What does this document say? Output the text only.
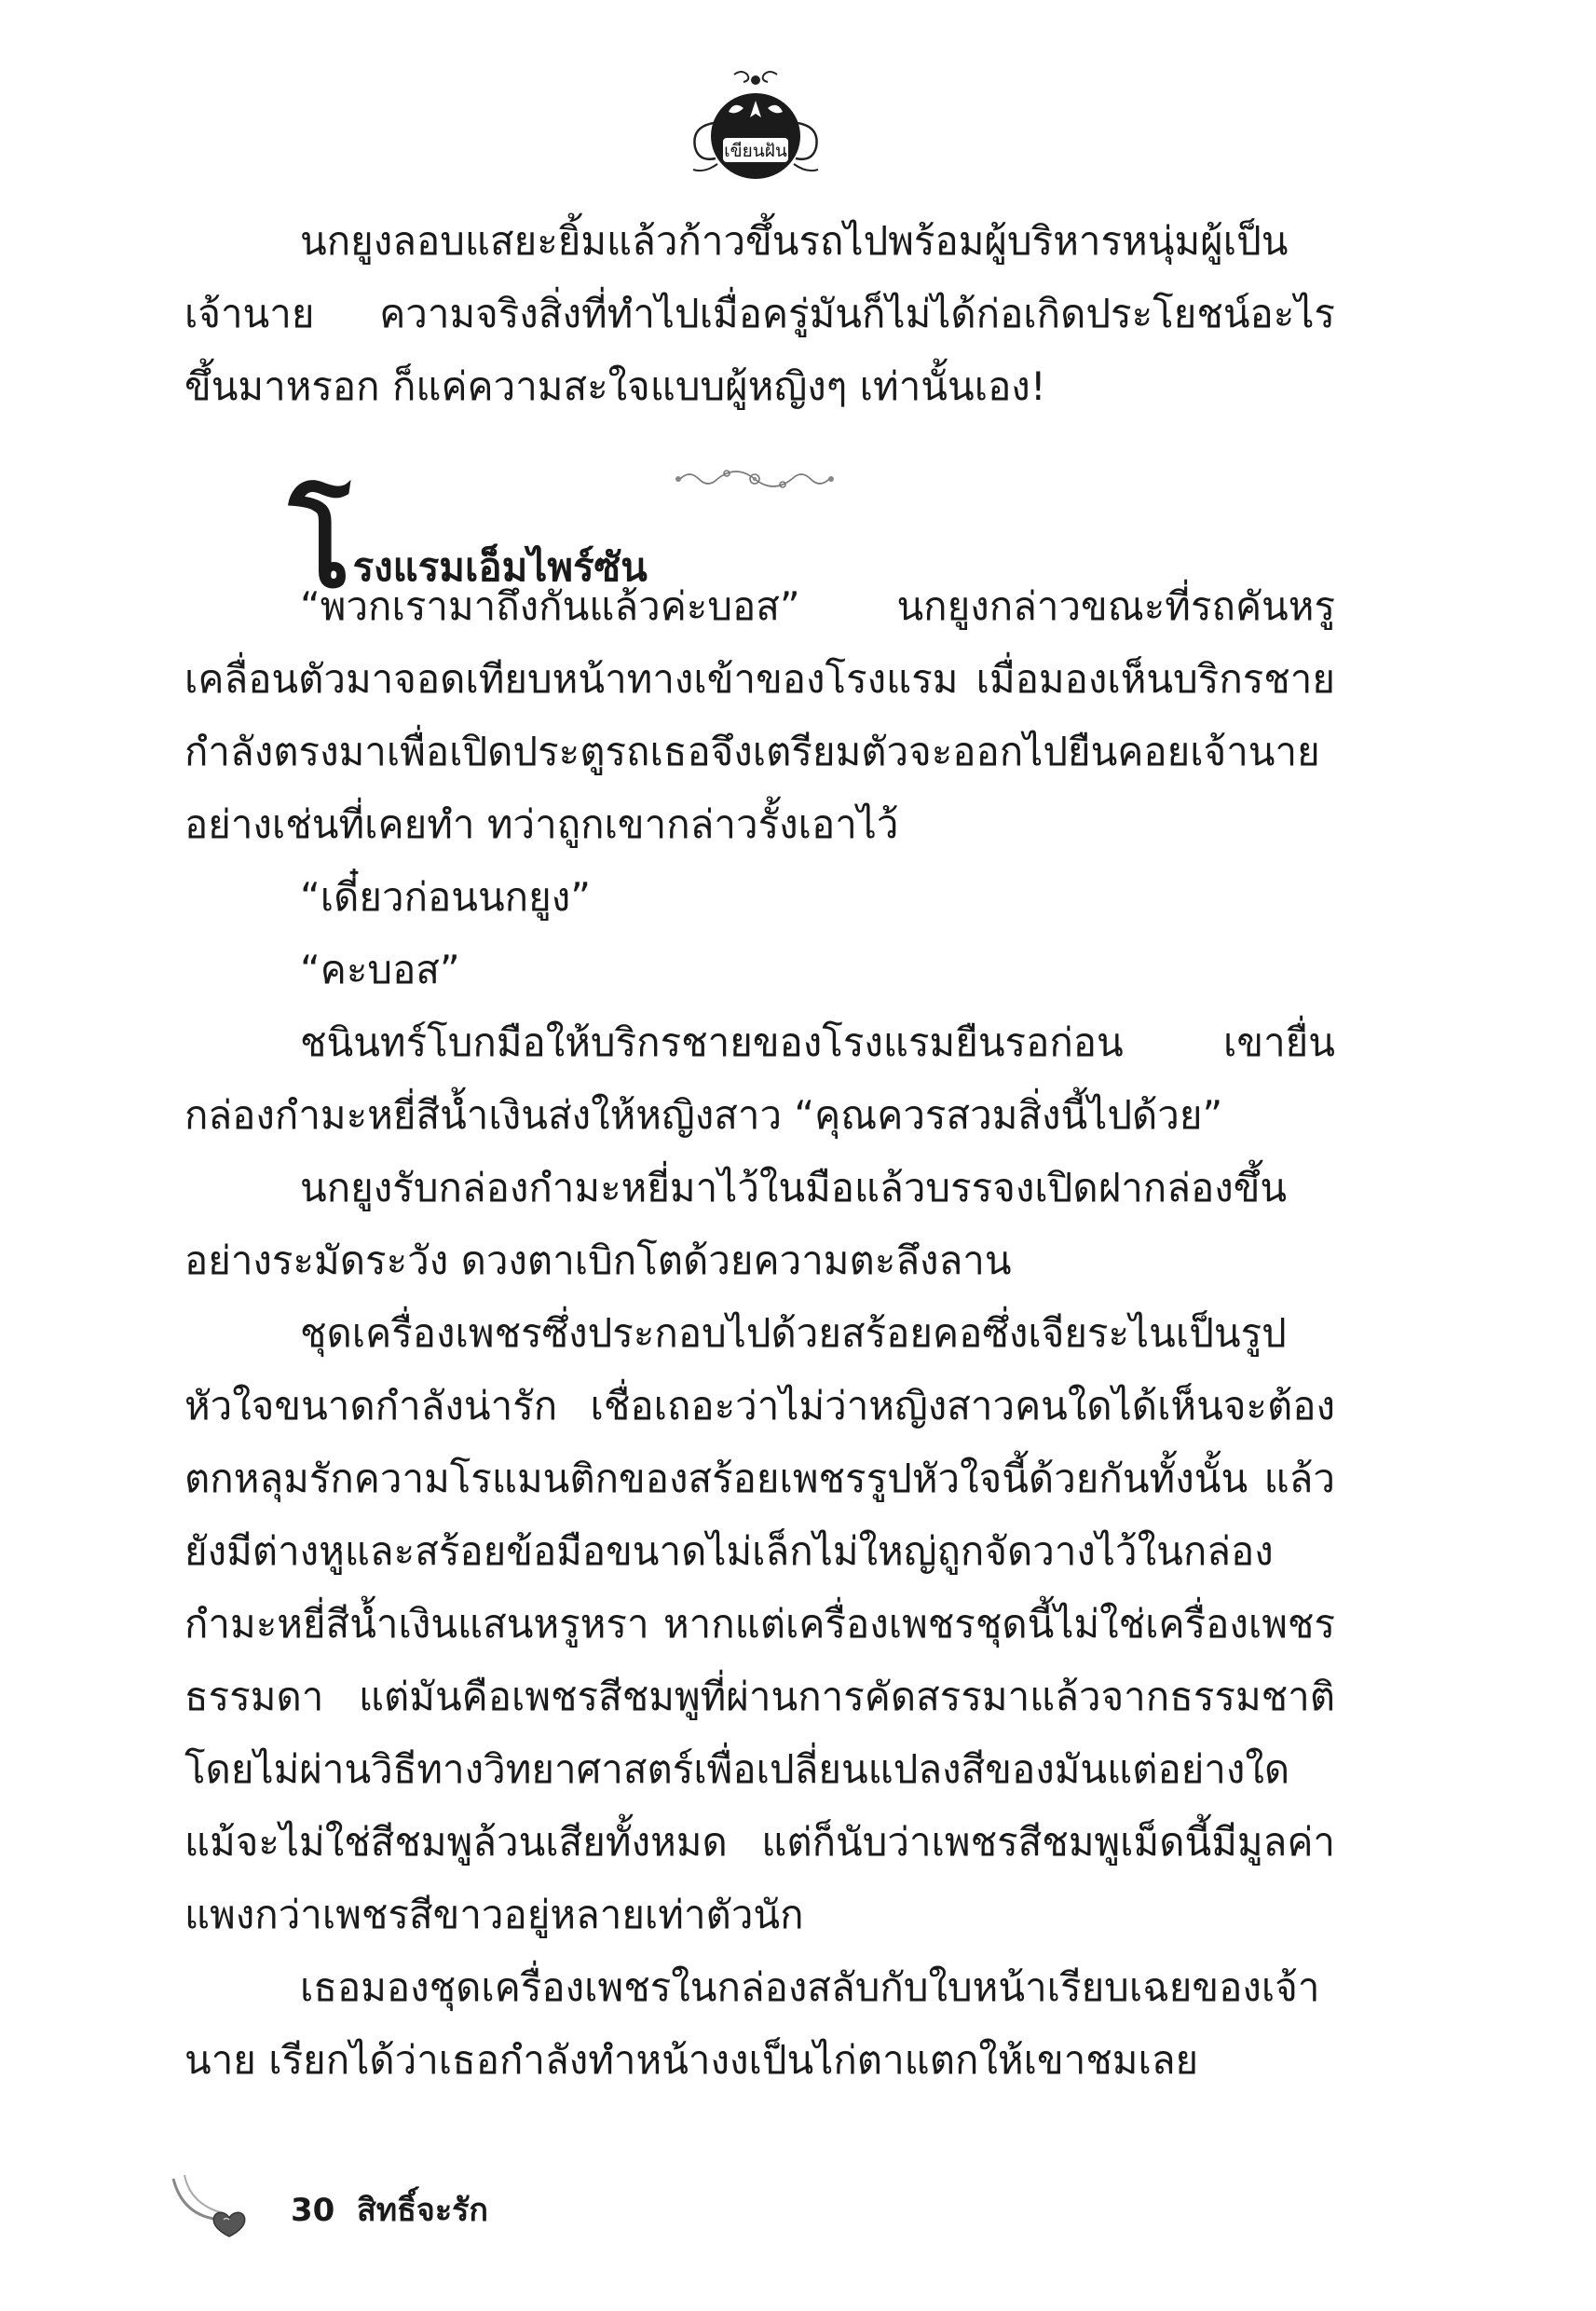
เขียนฝัน

นกยูงลอบแสยะยิ้มแล้วก้าวขึ้นรถไปพร้อมผู้บริหารหนุ่มผู้เป็นเจ้านาย ความจริงสิ่งที่ทำไปเมื่อครู่มันก็ไม่ได้ก่อเกิดประโยชน์อะไรขึ้นมาหรอก ก็แค่ความสะใจแบบผู้หญิงๆ เท่านั้นเอง!

โรงแรมเอ็มไพร์ซัน

“พวกเรามาถึงกันแล้วค่ะบอส” นกยูงกล่าวขณะที่รถคันหรูเคลื่อนตัวมาจอดเทียบหน้าทางเข้าของโรงแรม เมื่อมองเห็นบริกรชายกำลังตรงมาเพื่อเปิดประตูรถเธอจึงเตรียมตัวจะออกไปยืนคอยเจ้านายอย่างเช่นที่เคยทำ ทว่าถูกเขากล่าวรั้งเอาไว้

“เดี๋ยวก่อนนกยูง”

“คะบอส”

ชนินทร์โบกมือให้บริกรชายของโรงแรมยืนรอก่อน เขายื่นกล่องกำมะหยี่สีน้ำเงินส่งให้หญิงสาว “คุณควรสวมสิ่งนี้ไปด้วย”

นกยูงรับกล่องกำมะหยี่มาไว้ในมือแล้วบรรจงเปิดฝากล่องขึ้นอย่างระมัดระวัง ดวงตาเบิกโตด้วยความตะลึงลาน

ชุดเครื่องเพชรซึ่งประกอบไปด้วยสร้อยคอซึ่งเจียระไนเป็นรูปหัวใจขนาดกำลังน่ารัก เชื่อเถอะว่าไม่ว่าหญิงสาวคนใดได้เห็นจะต้องตกหลุมรักความโรแมนติกของสร้อยเพชรรูปหัวใจนี้ด้วยกันทั้งนั้น แล้วยังมีต่างหูและสร้อยข้อมือขนาดไม่เล็กไม่ใหญ่ถูกจัดวางไว้ในกล่องกำมะหยี่สีน้ำเงินแสนหรูหรา หากแต่เครื่องเพชรชุดนี้ไม่ใช่เครื่องเพชรธรรมดา แต่มันคือเพชรสีชมพูที่ผ่านการคัดสรรมาแล้วจากธรรมชาติโดยไม่ผ่านวิธีทางวิทยาศาสตร์เพื่อเปลี่ยนแปลงสีของมันแต่อย่างใด แม้จะไม่ใช่สีชมพูล้วนเสียทั้งหมด แต่ก็นับว่าเพชรสีชมพูเม็ดนี้มีมูลค่าแพงกว่าเพชรสีขาวอยู่หลายเท่าตัวนัก

เธอมองชุดเครื่องเพชรในกล่องสลับกับใบหน้าเรียบเฉยของเจ้านาย เรียกได้ว่าเธอกำลังทำหน้างงเป็นไก่ตาแตกให้เขาชมเลย

30 สิทธิ์จะรัก
